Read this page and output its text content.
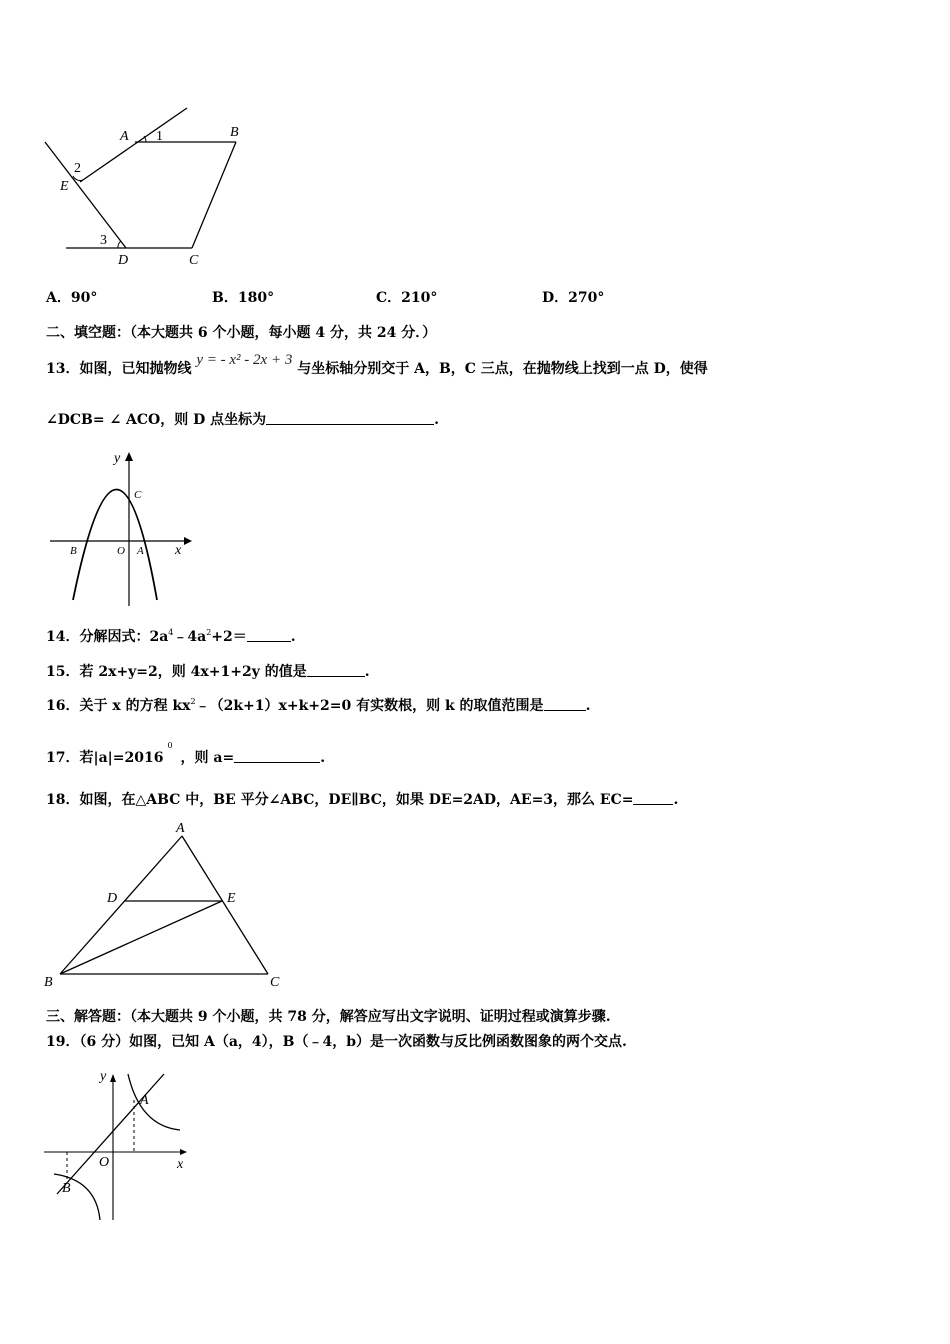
A 1	B
2
E
3
D	C
A．90°	B．180°	C．210°	D．270°
二、填空题：（本大题共 6 个小题，每小题 4 分，共 24 分．）
13．如图，已知抛物线 y = - x² - 2x + 3 与坐标轴分别交于 A，B，C 三点，在抛物线上找到一点 D，使得
∠DCB= ∠ ACO，则 D 点坐标为	.
y
x
C
B	O A
14．分解因式：$2a^4﹣4a^2+2=$	.
15．若 2x+y=2，则 4x+1+2y 的值是	.
16．关于 x 的方程 $kx^2﹣(2k+1)x+k+2=0$ 有实数根，则 k 的取值范围是	.
17．若$|a|=2016^0$，则 a=	.
18．如图，在△ABC 中，BE 平分∠ABC，DE∥BC，如果 DE=2AD，AE=3，那么 EC=	.
A
D	E
B	C
三、解答题：（本大题共 9 个小题，共 78 分，解答应写出文字说明、证明过程或演算步骤.
19．（6 分）如图，已知 A（a，4），B（﹣4，b）是一次函数与反比例函数图象的两个交点.
y
A
O	x
B
